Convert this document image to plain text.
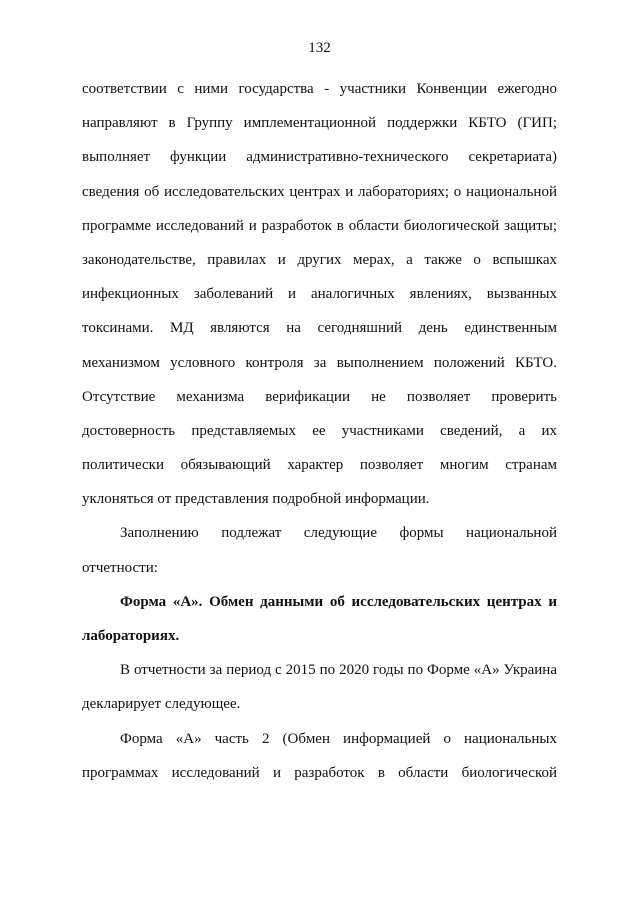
132
соответствии с ними государства - участники Конвенции ежегодно
направляют в Группу имплементационной поддержки КБТО (ГИП;
выполняет функции административно-технического секретариата)
сведения об исследовательских центрах и лабораториях; о национальной
программе исследований и разработок в области биологической защиты;
законодательстве, правилах и других мерах, а также о вспышках
инфекционных заболеваний и аналогичных явлениях, вызванных
токсинами. МД являются на сегодняшний день единственным
механизмом условного контроля за выполнением положений КБТО.
Отсутствие механизма верификации не позволяет проверить
достоверность представляемых ее участниками сведений, а их
политически обязывающий характер позволяет многим странам
уклоняться от представления подробной информации.
Заполнению подлежат следующие формы национальной
отчетности:
Форма «А». Обмен данными об исследовательских центрах и
лабораториях.
В отчетности за период с 2015 по 2020 годы по Форме «А» Украина
декларирует следующее.
Форма «А» часть 2 (Обмен информацией о национальных
программах исследований и разработок в области биологической
